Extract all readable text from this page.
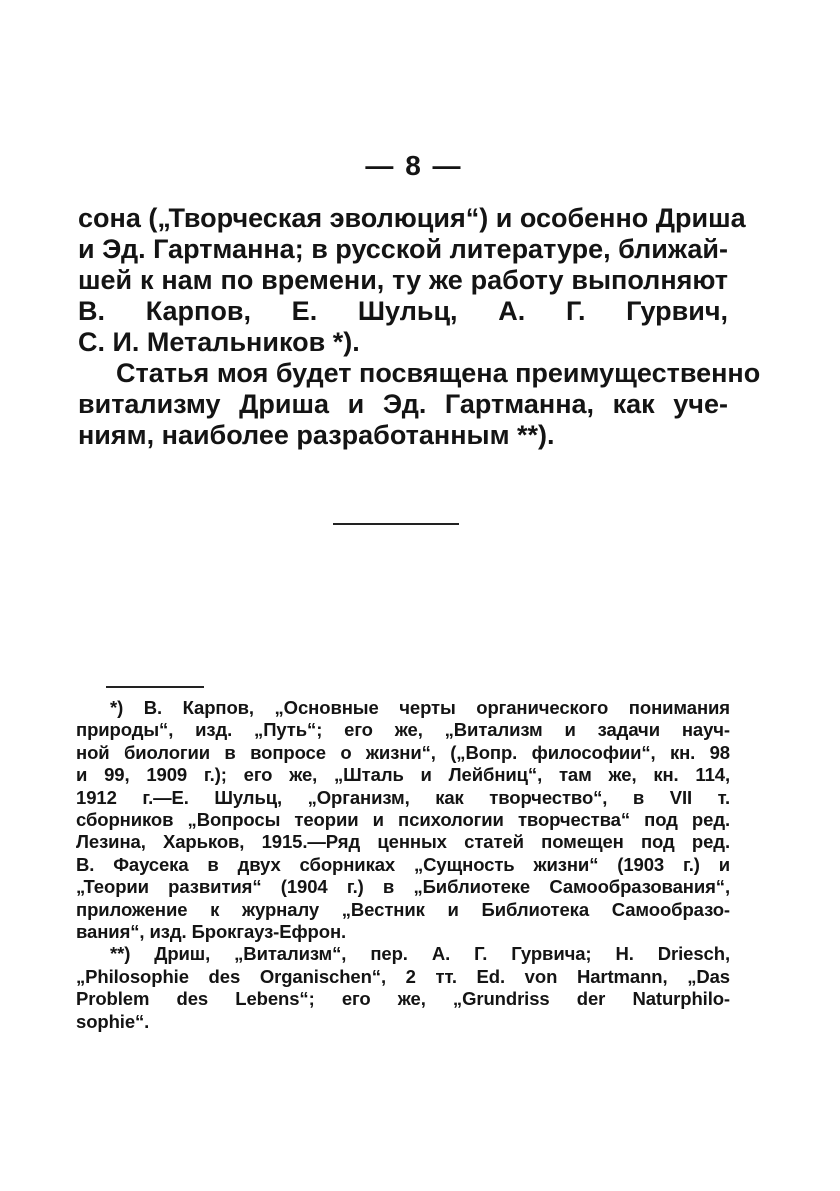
— 8 —
сона („Творческая эволюция“) и особенно Дриша
и Эд. Гартманна; в русской литературе, ближай-
шей к нам по времени, ту же работу выполняют
В. Карпов, Е. Шульц, А. Г. Гурвич,
С. И. Метальников *).
Статья моя будет посвящена преимущественно
витализму Дриша и Эд. Гартманна, как уче-
ниям, наиболее разработанным **).
*) В. Карпов, „Основные черты органического понимания
природы“, изд. „Путь“; его же, „Витализм и задачи науч-
ной биологии в вопросе о жизни“, („Вопр. философии“, кн. 98
и 99, 1909 г.); его же, „Шталь и Лейбниц“, там же, кн. 114,
1912 г.—Е. Шульц, „Организм, как творчество“, в VII т.
сборников „Вопросы теории и психологии творчества“ под ред.
Лезина, Харьков, 1915.—Ряд ценных статей помещен под ред.
В. Фаусека в двух сборниках „Сущность жизни“ (1903 г.) и
„Теории развития“ (1904 г.) в „Библиотеке Самообразования“,
приложение к журналу „Вестник и Библиотека Самообразо-
вания“, изд. Брокгауз-Ефрон.
**) Дриш, „Витализм“, пер. А. Г. Гурвича; H. Driesch,
„Philosophie des Organischen“, 2 тт. Ed. von Hartmann, „Das
Problem des Lebens“; его же, „Grundriss der Naturphilo-
sophie“.
